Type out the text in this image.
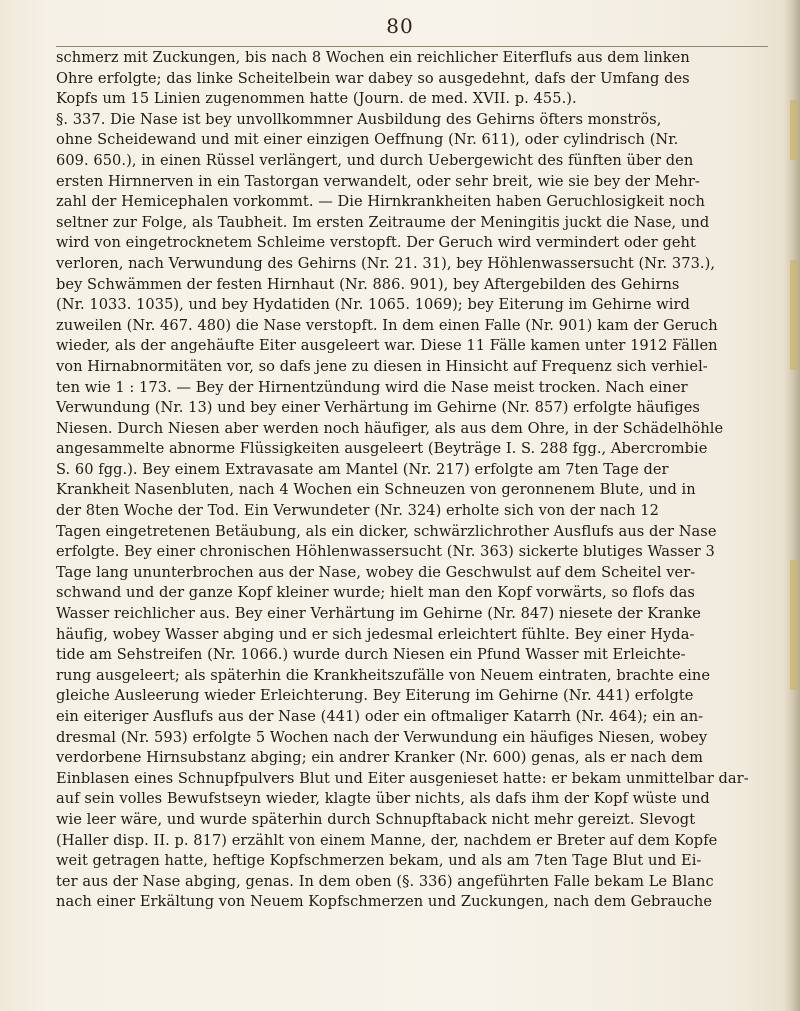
80
schmerz mit Zuckungen, bis nach 8 Wochen ein reichlicher Eiterflufs aus dem linken
Ohre erfolgte; das linke Scheitelbein war dabey so ausgedehnt, dafs der Umfang des
Kopfs um 15 Linien zugenommen hatte (Journ. de med. XVII. p. 455.).
§. 337. Die Nase ist bey unvollkommner Ausbildung des Gehirns öfters monströs,
ohne Scheidewand und mit einer einzigen Oeffnung (Nr. 611), oder cylindrisch (Nr.
609. 650.), in einen Rüssel verlängert, und durch Uebergewicht des fünften über den
ersten Hirnnerven in ein Tastorgan verwandelt, oder sehr breit, wie sie bey der Mehr-
zahl der Hemicephalen vorkommt. — Die Hirnkrankheiten haben Geruchlosigkeit noch
seltner zur Folge, als Taubheit. Im ersten Zeitraume der Meningitis juckt die Nase, und
wird von eingetrocknetem Schleime verstopft. Der Geruch wird vermindert oder geht
verloren, nach Verwundung des Gehirns (Nr. 21. 31), bey Höhlenwassersucht (Nr. 373.),
bey Schwämmen der festen Hirnhaut (Nr. 886. 901), bey Aftergebilden des Gehirns
(Nr. 1033. 1035), und bey Hydatiden (Nr. 1065. 1069); bey Eiterung im Gehirne wird
zuweilen (Nr. 467. 480) die Nase verstopft. In dem einen Falle (Nr. 901) kam der Geruch
wieder, als der angehäufte Eiter ausgeleert war. Diese 11 Fälle kamen unter 1912 Fällen
von Hirnabnormitäten vor, so dafs jene zu diesen in Hinsicht auf Frequenz sich verhiel-
ten wie 1 : 173. — Bey der Hirnentzündung wird die Nase meist trocken. Nach einer
Verwundung (Nr. 13) und bey einer Verhärtung im Gehirne (Nr. 857) erfolgte häufiges
Niesen. Durch Niesen aber werden noch häufiger, als aus dem Ohre, in der Schädelhöhle
angesammelte abnorme Flüssigkeiten ausgeleert (Beyträge I. S. 288 fgg., Abercrombie
S. 60 fgg.). Bey einem Extravasate am Mantel (Nr. 217) erfolgte am 7ten Tage der
Krankheit Nasenbluten, nach 4 Wochen ein Schneuzen von geronnenem Blute, und in
der 8ten Woche der Tod. Ein Verwundeter (Nr. 324) erholte sich von der nach 12
Tagen eingetretenen Betäubung, als ein dicker, schwärzlichrother Ausflufs aus der Nase
erfolgte. Bey einer chronischen Höhlenwassersucht (Nr. 363) sickerte blutiges Wasser 3
Tage lang ununterbrochen aus der Nase, wobey die Geschwulst auf dem Scheitel ver-
schwand und der ganze Kopf kleiner wurde; hielt man den Kopf vorwärts, so flofs das
Wasser reichlicher aus. Bey einer Verhärtung im Gehirne (Nr. 847) niesete der Kranke
häufig, wobey Wasser abging und er sich jedesmal erleichtert fühlte. Bey einer Hyda-
tide am Sehstreifen (Nr. 1066.) wurde durch Niesen ein Pfund Wasser mit Erleichte-
rung ausgeleert; als späterhin die Krankheitszufälle von Neuem eintraten, brachte eine
gleiche Ausleerung wieder Erleichterung. Bey Eiterung im Gehirne (Nr. 441) erfolgte
ein eiteriger Ausflufs aus der Nase (441) oder ein oftmaliger Katarrh (Nr. 464); ein an-
dresmal (Nr. 593) erfolgte 5 Wochen nach der Verwundung ein häufiges Niesen, wobey
verdorbene Hirnsubstanz abging; ein andrer Kranker (Nr. 600) genas, als er nach dem
Einblasen eines Schnupfpulvers Blut und Eiter ausgenieset hatte: er bekam unmittelbar dar-
auf sein volles Bewufstseyn wieder, klagte über nichts, als dafs ihm der Kopf wüste und
wie leer wäre, und wurde späterhin durch Schnupftaback nicht mehr gereizt. Slevogt
(Haller disp. II. p. 817) erzählt von einem Manne, der, nachdem er Breter auf dem Kopfe
weit getragen hatte, heftige Kopfschmerzen bekam, und als am 7ten Tage Blut und Ei-
ter aus der Nase abging, genas. In dem oben (§. 336) angeführten Falle bekam Le Blanc
nach einer Erkältung von Neuem Kopfschmerzen und Zuckungen, nach dem Gebrauche
